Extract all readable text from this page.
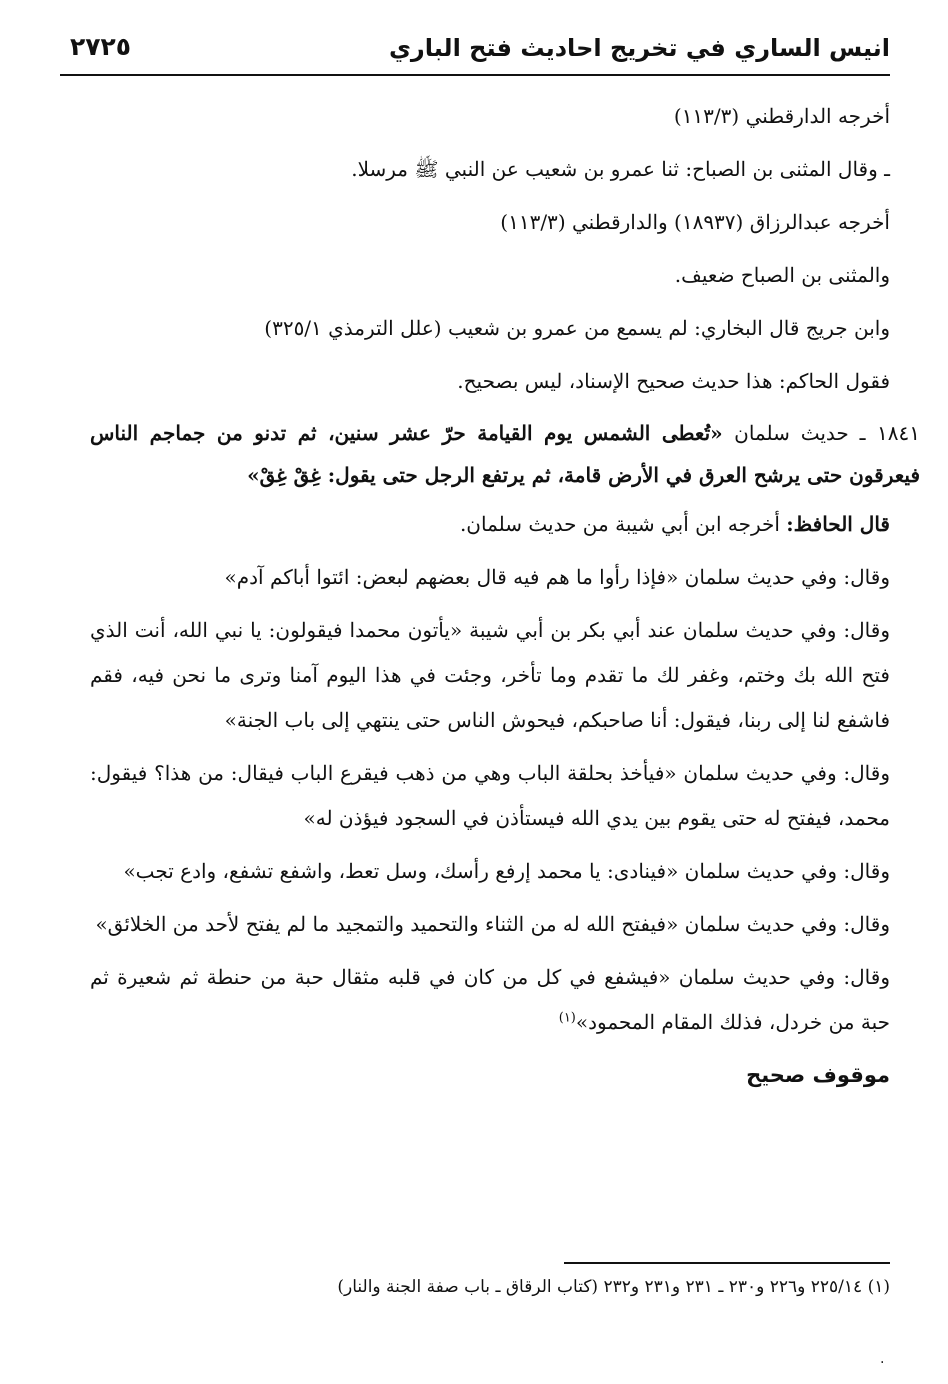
انيس الساري في تخريج احاديث فتح الباري
٢٧٢٥

أخرجه الدارقطني (١١٣/٣)

ـ وقال المثنى بن الصباح: ثنا عمرو بن شعيب عن النبي ﷺ مرسلا.

أخرجه عبدالرزاق (١٨٩٣٧) والدارقطني (١١٣/٣)

والمثنى بن الصباح ضعيف.

وابن جريج قال البخاري: لم يسمع من عمرو بن شعيب (علل الترمذي ٣٢٥/١)

فقول الحاكم: هذا حديث صحيح الإسناد، ليس بصحيح.

١٨٤١ ـ حديث سلمان «تُعطى الشمس يوم القيامة حرّ عشر سنين، ثم تدنو من جماجم الناس فيعرقون حتى يرشح العرق في الأرض قامة، ثم يرتفع الرجل حتى يقول: غِقْ غِقْ»

قال الحافظ: أخرجه ابن أبي شيبة من حديث سلمان.

وقال: وفي حديث سلمان «فإذا رأوا ما هم فيه قال بعضهم لبعض: ائتوا أباكم آدم»

وقال: وفي حديث سلمان عند أبي بكر بن أبي شيبة «يأتون محمدا فيقولون: يا نبي الله، أنت الذي فتح الله بك وختم، وغفر لك ما تقدم وما تأخر، وجئت في هذا اليوم آمنا وترى ما نحن فيه، فقم فاشفع لنا إلى ربنا، فيقول: أنا صاحبكم، فيحوش الناس حتى ينتهي إلى باب الجنة»

وقال: وفي حديث سلمان «فيأخذ بحلقة الباب وهي من ذهب فيقرع الباب فيقال: من هذا؟ فيقول: محمد، فيفتح له حتى يقوم بين يدي الله فيستأذن في السجود فيؤذن له»

وقال: وفي حديث سلمان «فينادى: يا محمد إرفع رأسك، وسل تعط، واشفع تشفع، وادع تجب»

وقال: وفي حديث سلمان «فيفتح الله له من الثناء والتحميد والتمجيد ما لم يفتح لأحد من الخلائق»

وقال: وفي حديث سلمان «فيشفع في كل من كان في قلبه مثقال حبة من حنطة ثم شعيرة ثم حبة من خردل، فذلك المقام المحمود»$^{(١)}$

موقوف صحيح

(١) ٢٢٥/١٤ و٢٢٦ و٢٣٠ ـ ٢٣١ و٢٣١ و٢٣٢ (كتاب الرقاق ـ باب صفة الجنة والنار)
٠
